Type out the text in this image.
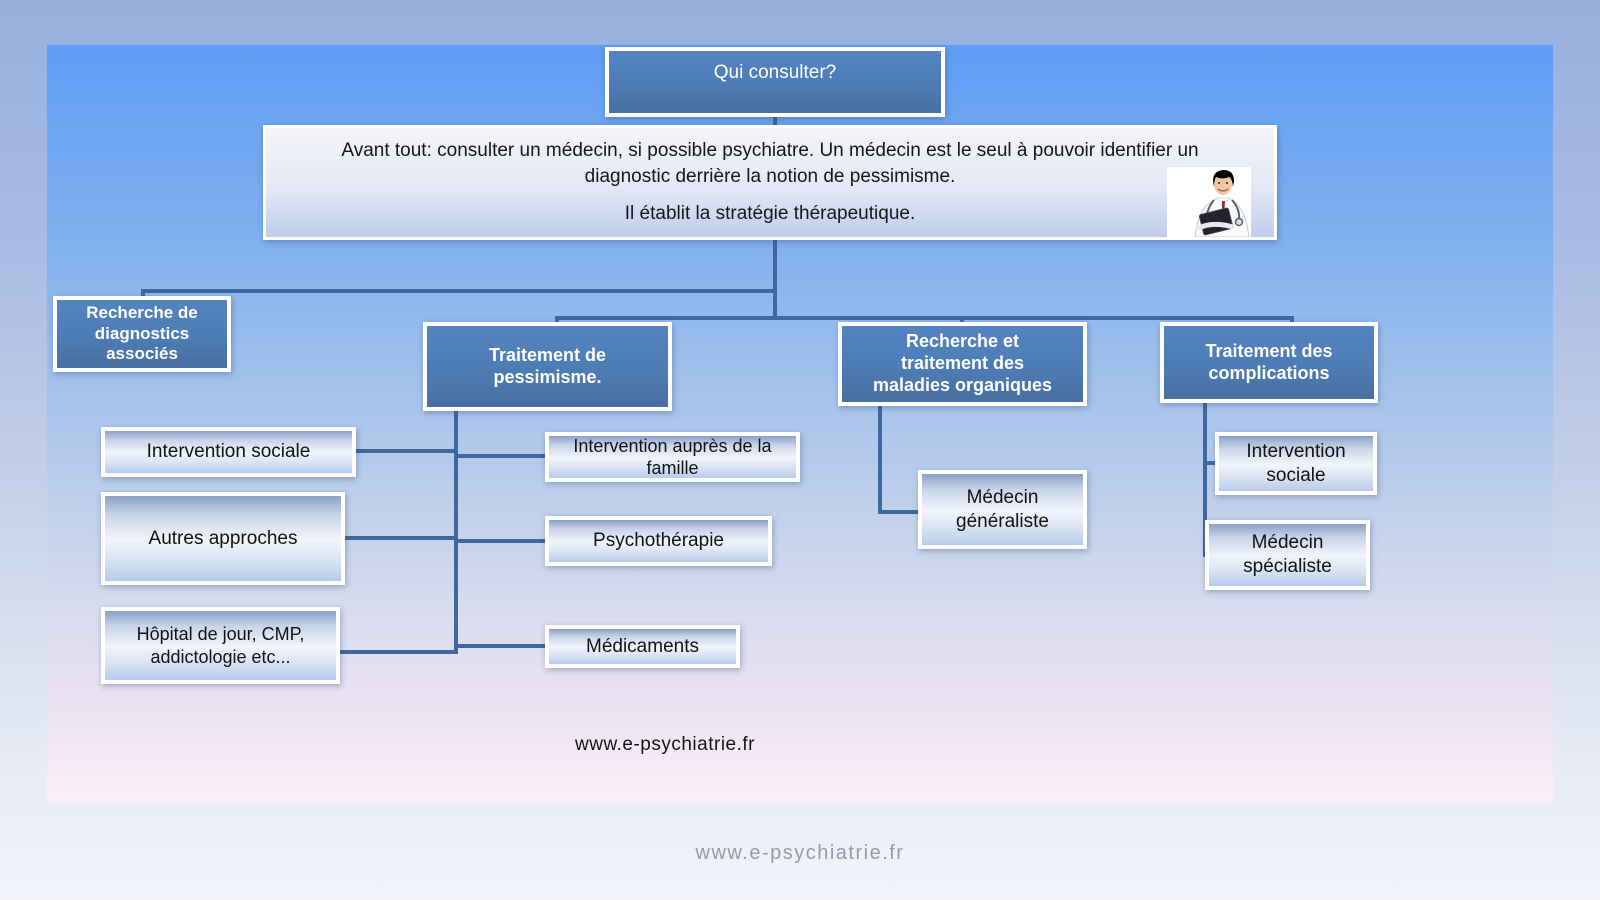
Qui consulter?

Avant tout: consulter un médecin, si possible psychiatre. Un médecin est le seul à pouvoir identifier un diagnostic derrière la notion de pessimisme.

Il établit la stratégie thérapeutique.

Recherche de diagnostics associés	Traitement de pessimisme.
Recherche et traitement des maladies organiques
Traitement des complications
Intervention sociale
Autres approches
Hôpital de jour, CMP, addictologie etc...
Intervention auprès de la famille
Psychothérapie
Médicaments
Médecin généraliste
Intervention sociale
Médecin spécialiste
www.e-psychiatrie.fr
www.e-psychiatrie.fr
